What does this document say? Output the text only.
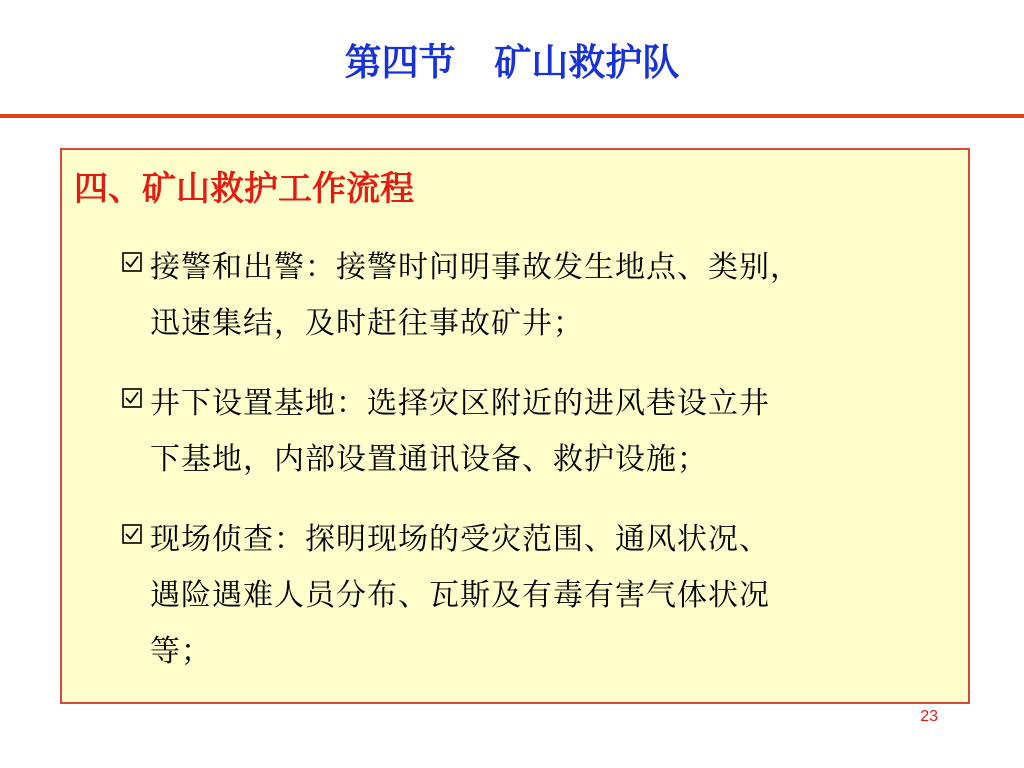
第四节   矿山救护队
四、矿山救护工作流程
接警和出警：接警时问明事故发生地点、类别，
迅速集结，及时赶往事故矿井；
井下设置基地：选择灾区附近的进风巷设立井
下基地，内部设置通讯设备、救护设施；
现场侦查：探明现场的受灾范围、通风状况、
遇险遇难人员分布、瓦斯及有毒有害气体状况
等；
23
